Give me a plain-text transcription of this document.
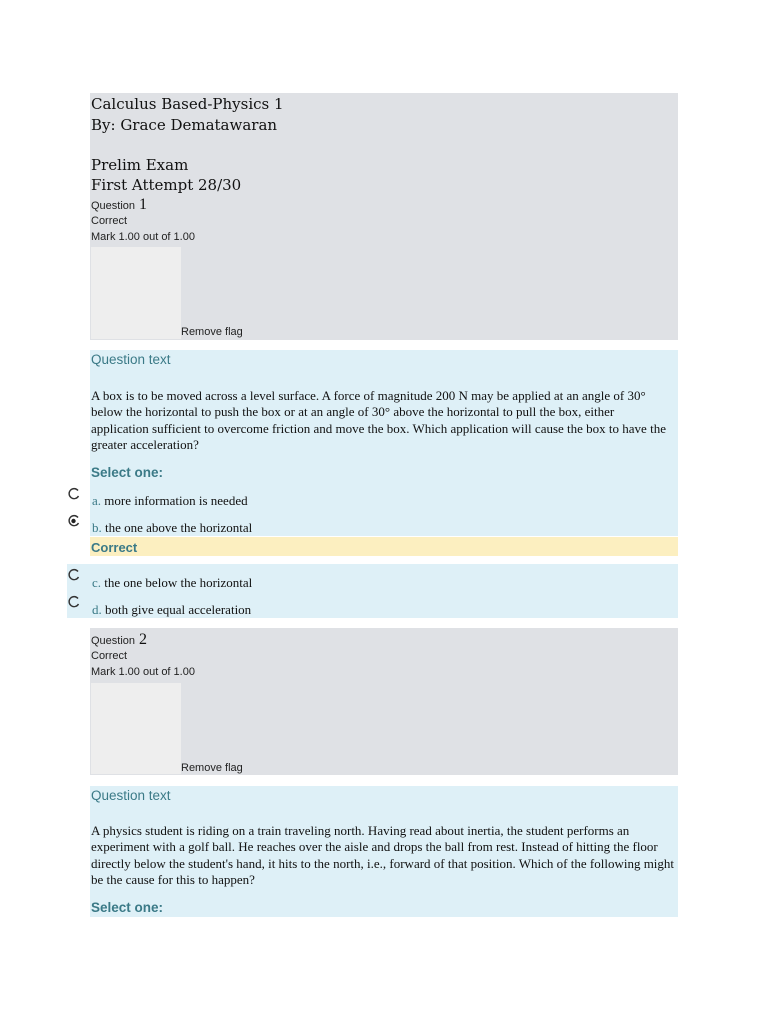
Calculus Based-Physics 1
By: Grace Dematawaran
Prelim Exam
First Attempt 28/30
Question 1
Correct
Mark 1.00 out of 1.00
Remove flag
Question text
A box is to be moved across a level surface. A force of magnitude 200 N may be applied at an angle of 30° below the horizontal to push the box or at an angle of 30° above the horizontal to pull the box, either application sufficient to overcome friction and move the box. Which application will cause the box to have the greater acceleration?
Select one:
a. more information is needed
b. the one above the horizontal
Correct
c. the one below the horizontal
d. both give equal acceleration
Question 2
Correct
Mark 1.00 out of 1.00
Remove flag
Question text
A physics student is riding on a train traveling north. Having read about inertia, the student performs an experiment with a golf ball. He reaches over the aisle and drops the ball from rest. Instead of hitting the floor directly below the student's hand, it hits to the north, i.e., forward of that position. Which of the following might be the cause for this to happen?
Select one:
